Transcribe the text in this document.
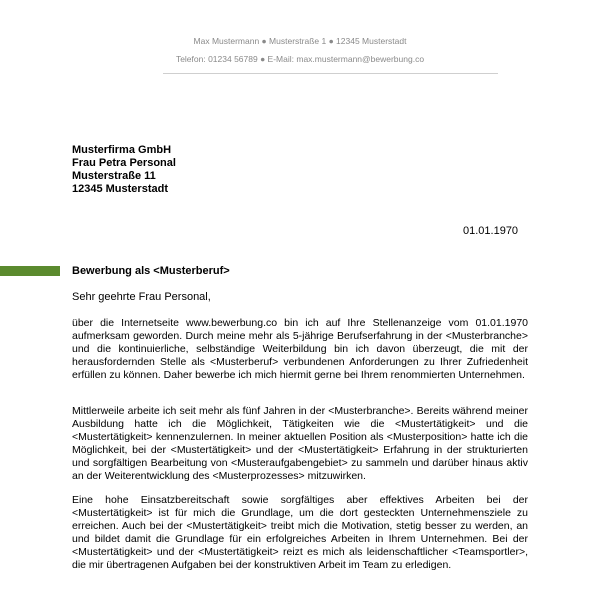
Max Mustermann ● Musterstraße 1 ● 12345 Musterstadt
Telefon: 01234 56789 ● E-Mail: max.mustermann@bewerbung.co
Musterfirma GmbH
Frau Petra Personal
Musterstraße 11
12345 Musterstadt
01.01.1970
Bewerbung als <Musterberuf>
Sehr geehrte Frau Personal,

über die Internetseite www.bewerbung.co bin ich auf Ihre Stellenanzeige vom 01.01.1970 aufmerksam geworden. Durch meine mehr als 5-jährige Berufserfahrung in der <Musterbranche> und die kontinuierliche, selbständige Weiterbildung bin ich davon überzeugt, die mit der herausfordernden Stelle als <Musterberuf> verbundenen Anforderungen zu Ihrer Zufriedenheit erfüllen zu können. Daher bewerbe ich mich hiermit gerne bei Ihrem renommierten Unternehmen.

Mittlerweile arbeite ich seit mehr als fünf Jahren in der <Musterbranche>. Bereits während meiner Ausbildung hatte ich die Möglichkeit, Tätigkeiten wie die <Mustertätigkeit> und die <Mustertätigkeit> kennenzulernen. In meiner aktuellen Position als <Musterposition> hatte ich die Möglichkeit, bei der <Mustertätigkeit> und der <Mustertätigkeit> Erfahrung in der strukturierten und sorgfältigen Bearbeitung von <Musteraufgabengebiet> zu sammeln und darüber hinaus aktiv an der Weiterentwicklung des <Musterprozesses> mitzuwirken.

Eine hohe Einsatzbereitschaft sowie sorgfältiges aber effektives Arbeiten bei der <Mustertätigkeit> ist für mich die Grundlage, um die dort gesteckten Unternehmensziele zu erreichen. Auch bei der <Mustertätigkeit> treibt mich die Motivation, stetig besser zu werden, an und bildet damit die Grundlage für ein erfolgreiches Arbeiten in Ihrem Unternehmen. Bei der <Mustertätigkeit> und der <Mustertätigkeit> reizt es mich als leidenschaftlicher <Teamsportler>, die mir übertragenen Aufgaben bei der konstruktiven Arbeit im Team zu erledigen.
